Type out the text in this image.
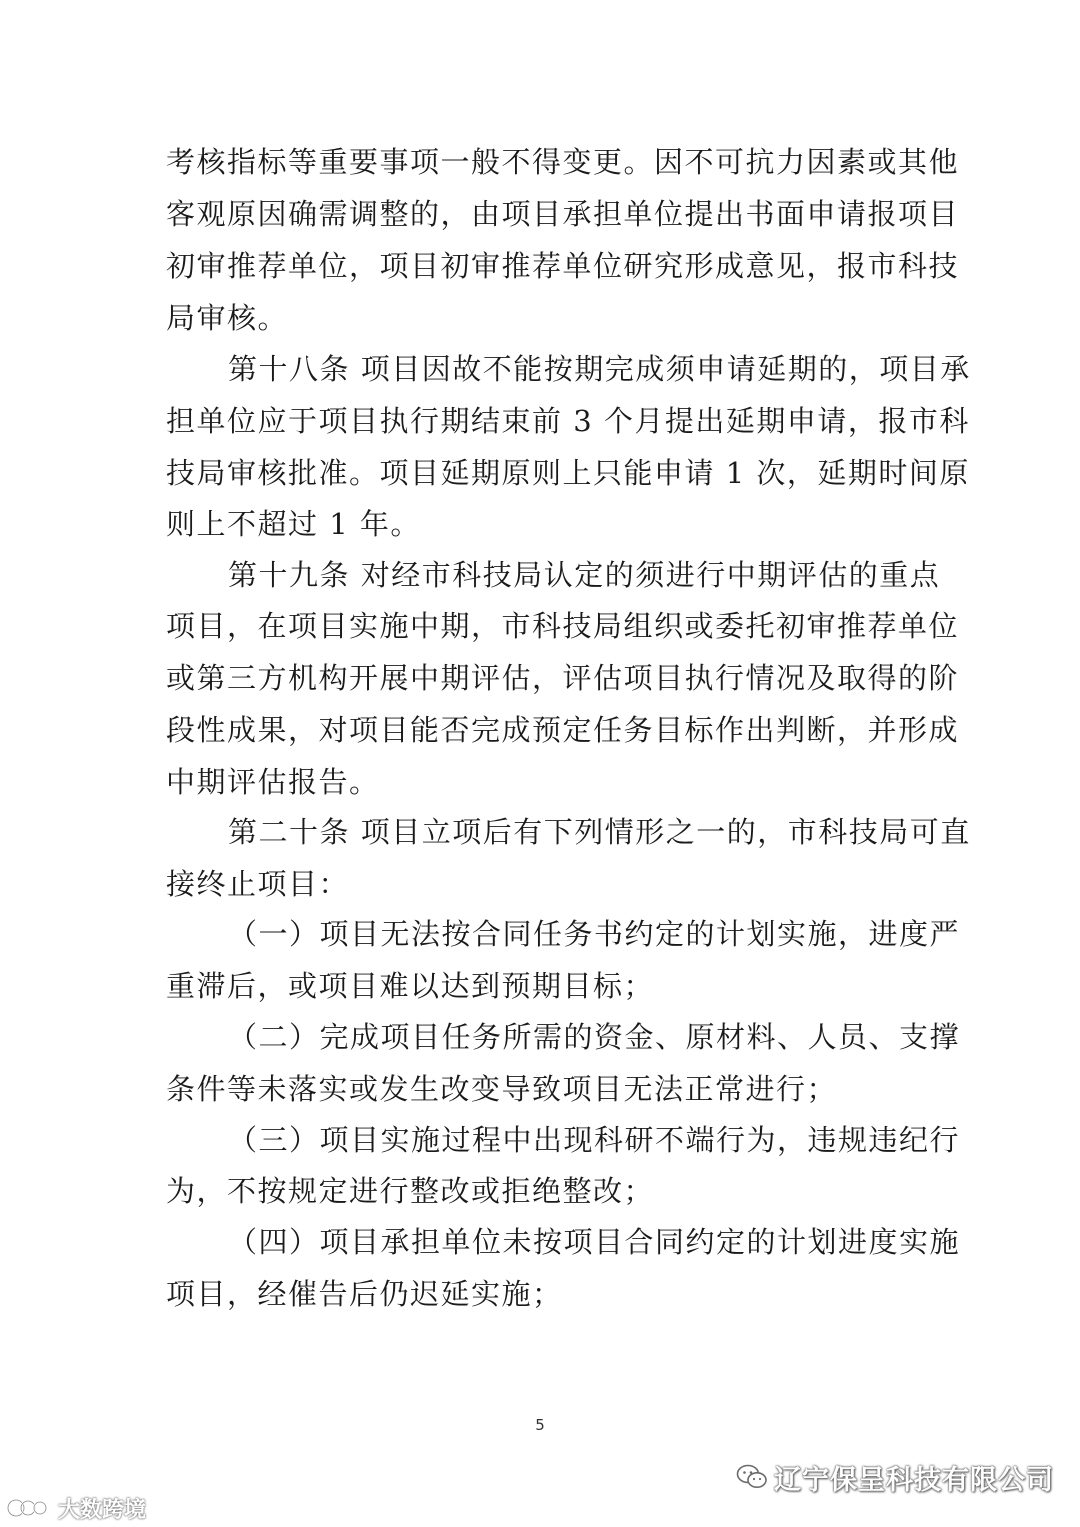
考核指标等重要事项一般不得变更。因不可抗力因素或其他
客观原因确需调整的，由项目承担单位提出书面申请报项目
初审推荐单位，项目初审推荐单位研究形成意见，报市科技
局审核。
第十八条 项目因故不能按期完成须申请延期的，项目承
担单位应于项目执行期结束前 3 个月提出延期申请，报市科
技局审核批准。项目延期原则上只能申请 1 次，延期时间原
则上不超过 1 年。
第十九条 对经市科技局认定的须进行中期评估的重点
项目，在项目实施中期，市科技局组织或委托初审推荐单位
或第三方机构开展中期评估，评估项目执行情况及取得的阶
段性成果，对项目能否完成预定任务目标作出判断，并形成
中期评估报告。
第二十条 项目立项后有下列情形之一的，市科技局可直
接终止项目：
（一）项目无法按合同任务书约定的计划实施，进度严
重滞后，或项目难以达到预期目标；
（二）完成项目任务所需的资金、原材料、人员、支撑
条件等未落实或发生改变导致项目无法正常进行；
（三）项目实施过程中出现科研不端行为，违规违纪行
为，不按规定进行整改或拒绝整改；
（四）项目承担单位未按项目合同约定的计划进度实施
项目，经催告后仍迟延实施；
5
辽宁保呈科技有限公司
大数跨境
